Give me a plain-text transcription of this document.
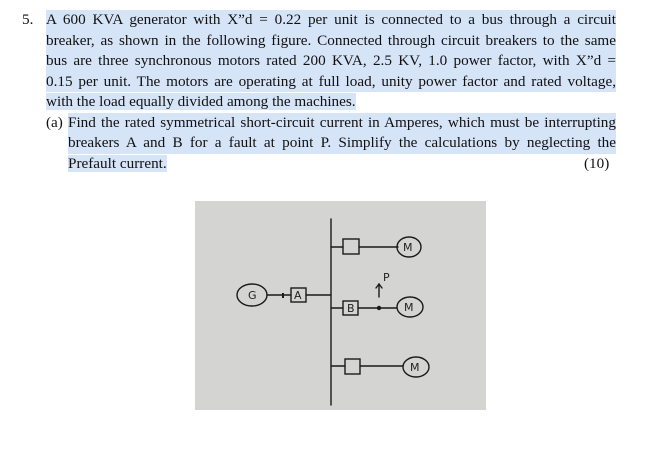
5. A 600 KVA generator with X”d = 0.22 per unit is connected to a bus through a circuit
breaker, as shown in the following figure. Connected through circuit breakers to the same
bus are three synchronous motors rated 200 KVA, 2.5 KV, 1.0 power factor, with X”d =
0.15 per unit. The motors are operating at full load, unity power factor and rated voltage,
with the load equally divided among the machines.
(a) Find the rated symmetrical short-circuit current in Amperes, which must be interrupting
breakers A and B for a fault at point P. Simplify the calculations by neglecting the
Prefault current.	(10)
G	A
B
M
M
M
P
